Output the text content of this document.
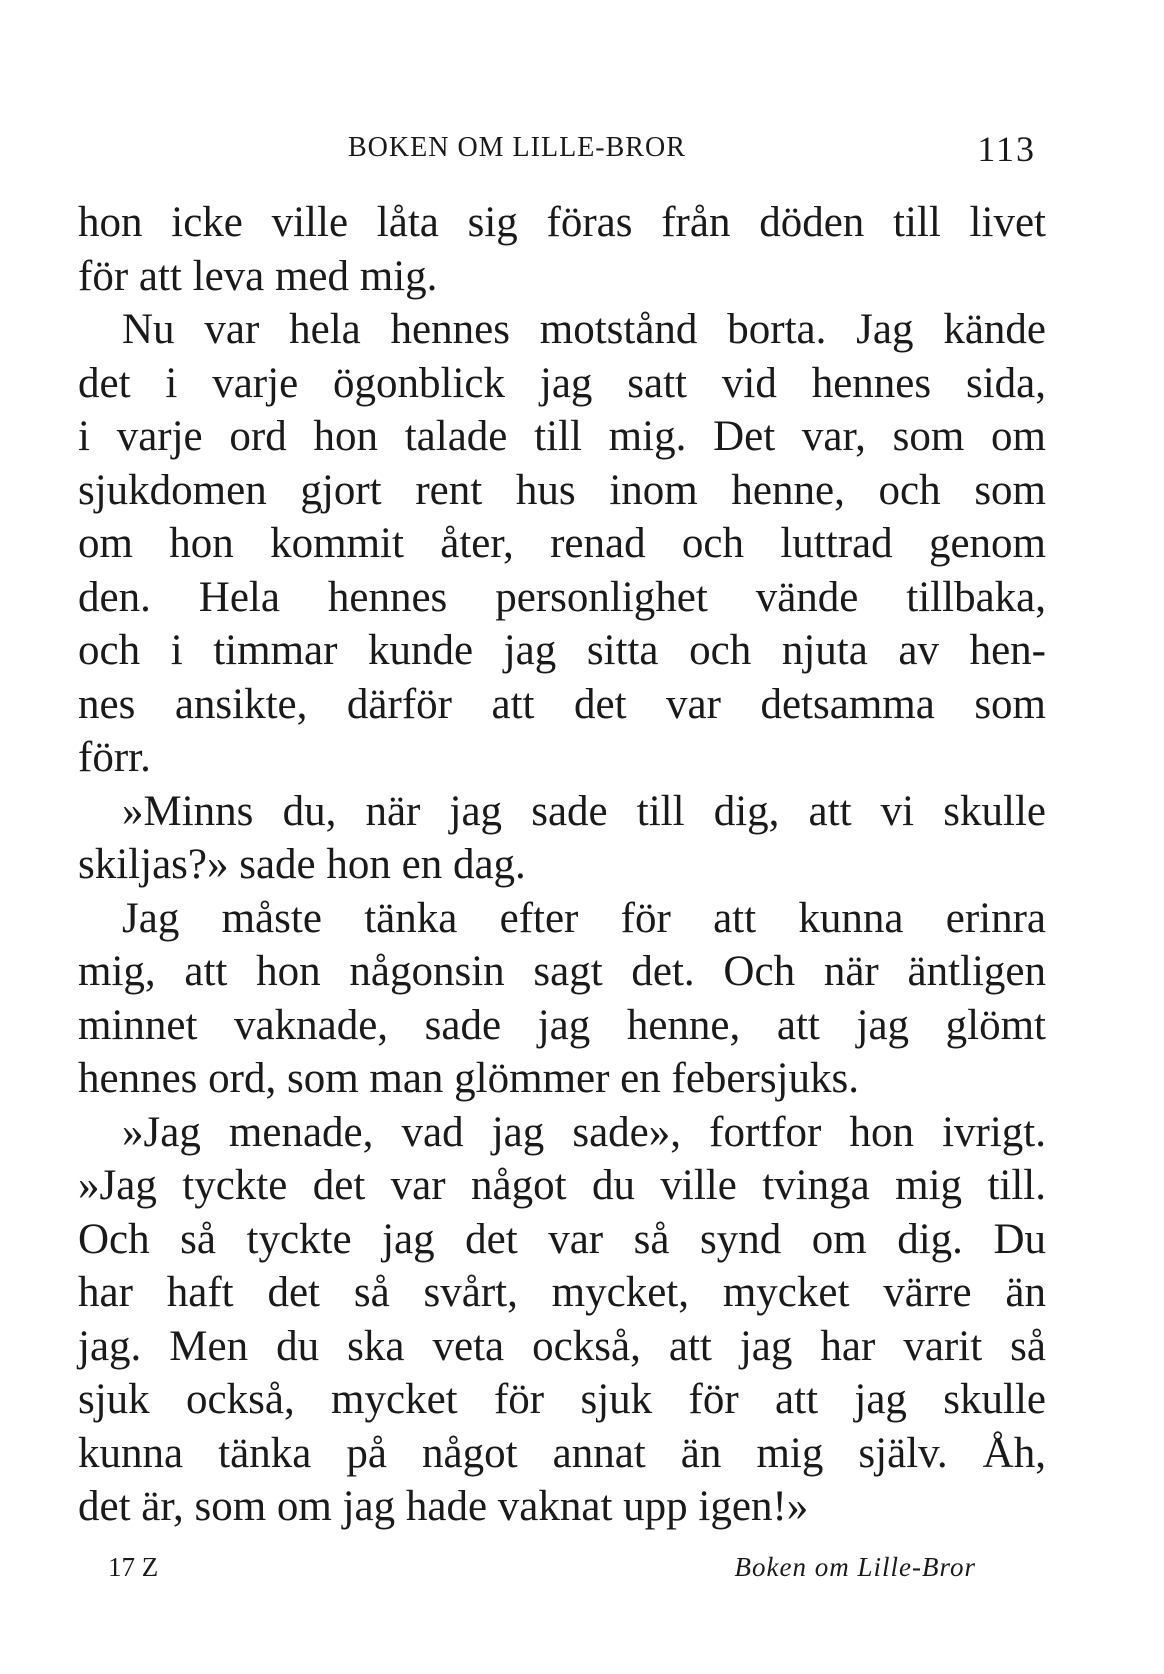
BOKEN OM LILLE-BROR	113
hon icke ville låta sig föras från döden till livet
för att leva med mig.
Nu var hela hennes motstånd borta. Jag kände
det i varje ögonblick jag satt vid hennes sida,
i varje ord hon talade till mig. Det var, som om
sjukdomen gjort rent hus inom henne, och som
om hon kommit åter, renad och luttrad genom
den. Hela hennes personlighet vände tillbaka,
och i timmar kunde jag sitta och njuta av hen-
nes ansikte, därför att det var detsamma som
förr.
»Minns du, när jag sade till dig, att vi skulle
skiljas?» sade hon en dag.
Jag måste tänka efter för att kunna erinra
mig, att hon någonsin sagt det. Och när äntligen
minnet vaknade, sade jag henne, att jag glömt
hennes ord, som man glömmer en febersjuks.
»Jag menade, vad jag sade», fortfor hon ivrigt.
»Jag tyckte det var något du ville tvinga mig till.
Och så tyckte jag det var så synd om dig. Du
har haft det så svårt, mycket, mycket värre än
jag. Men du ska veta också, att jag har varit så
sjuk också, mycket för sjuk för att jag skulle
kunna tänka på något annat än mig själv. Åh,
det är, som om jag hade vaknat upp igen!»
17 Z	Boken om Lille-Bror
